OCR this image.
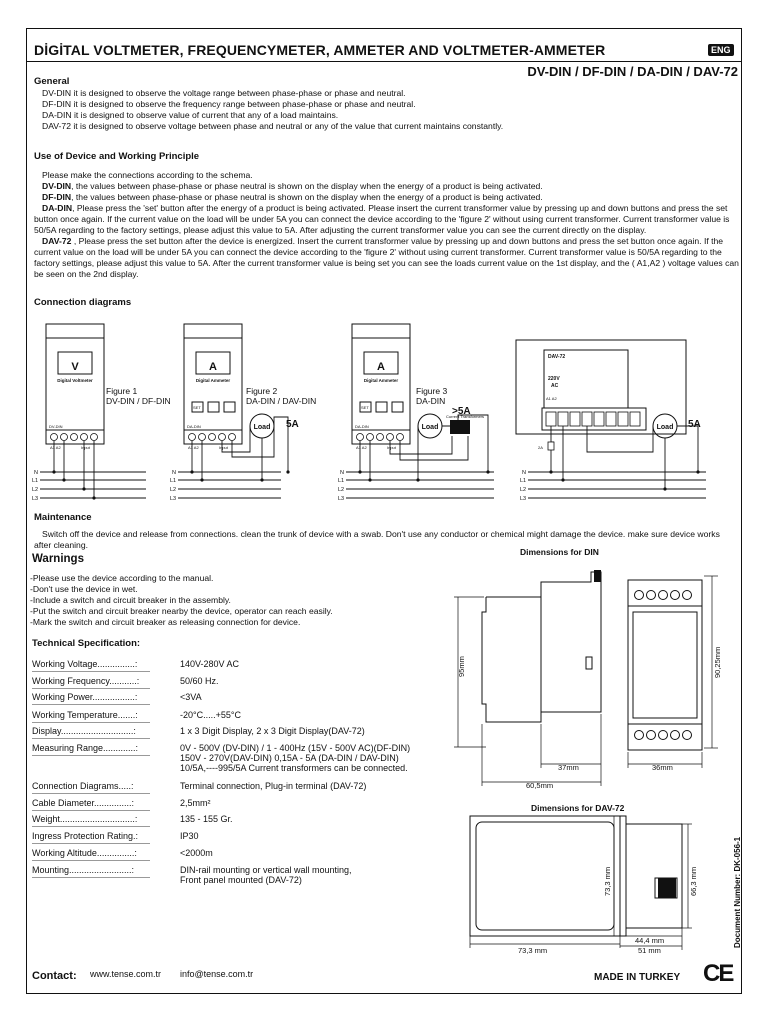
DİGİTAL VOLTMETER, FREQUENCYMETER, AMMETER AND VOLTMETER-AMMETER	ENG
DV-DIN / DF-DIN / DA-DIN / DAV-72
General
DV-DIN it is designed to observe the voltage range between phase-phase or phase and neutral.
DF-DIN it is designed to observe the frequency range between phase-phase or phase and neutral.
DA-DIN it is designed to observe value of current that any of a load maintains.
DAV-72 it is designed to observe voltage between phase and neutral or any of the value that current maintains constantly.
Use of Device and Working Principle
Please make the connections according to the schema.
DV-DIN, the values between phase-phase or phase neutral is shown on the display when the energy of a product is being activated.
DF-DIN, the values between phase-phase or phase neutral is shown on the display when the energy of a product is being activated.
DA-DIN, Please press the 'set' button after the energy of a product is being activated. Please insert the current transformer value by pressing up and down buttons and press the set button once again. If the current value on the load will be under 5A you can connect the device according to the 'figure 2' without using current transformer. Current transformer value is 50/5A regarding to the factory settings, please adjust this value to 5A. After adjusting the current transformer value you can see the current directly on the display.
DAV-72 , Please press the set button after the device is energized. Insert the current transformer value by pressing up and down buttons and press the set button once again. If the current value on the load will be under 5A you can connect the device according to the 'figure 2' without using current transformer. Current transformer value is 50/5A regarding to the factory settings, please adjust this value to 5A. After the current transformer value is being set you can see the loads current value on the 1st display, and the ( A1,A2 ) voltage values can be seen on the 2nd display.
Connection diagrams
V	A	A
Digital Voltmeter	Digital Ammeter	Digital Ammeter
DV-DIN	DA-DIN	DA-DIN
SET	SET
A1 A2	Input	A1 A2	Input	A1 A2	Input
Current Transformers
A1 A2
2A
DAV-72
220V
AC
Figure 1
DV-DIN / DF-DIN
Figure 2
DA-DIN / DAV-DIN
Figure 3
DA-DIN
Load	Load	Load
5A
>5A
5A
N
L1
L2
L3
N
L1
L2
L3
N
L1
L2
L3
N
L1
L2
L3
Maintenance
Switch off the device and release from connections. clean the trunk of device with a swab. Don't use any conductor or chemical might damage the device. make sure device works after cleaning.
Warnings
-Please use the device according to the manual.
-Don't use the device in wet.
-Include a switch and circuit breaker in the assembly.
-Put the switch and circuit breaker nearby the device, operator can reach easily.
-Mark the switch and circuit breaker as releasing connection for device.
Technical Specification:
Working Voltage...............:	140V-280V AC
Working Frequency...........:	50/60 Hz.
Working Power.................:	<3VA
Working Temperature.......:	-20°C.....+55°C
Display.............................:	1 x 3 Digit Display, 2 x 3 Digit Display(DAV-72)
Measuring Range.............:	0V - 500V (DV-DIN) / 1 - 400Hz (15V - 500V AC)(DF-DIN)
150V - 270V(DAV-DIN) 0,15A - 5A (DA-DIN / DAV-DIN)
10/5A,----995/5A Current transformers can be connected.
Connection Diagrams.....:	Terminal connection, Plug-in terminal (DAV-72)
Cable Diameter...............:	2,5mm²
Weight..............................:	135 - 155 Gr.
Ingress Protection Rating.:	IP30
Working Altitude...............:	<2000m
Mounting.........................:	DIN-rail mounting or vertical wall mounting,
Front panel mounted (DAV-72)
Dimensions for DIN
95mm	90,25mm
37mm
60,5mm
36mm
Dimensions for DAV-72
73,3 mm	66,3 mm
73,3 mm
44,4 mm
51 mm
Document Number: DK-056-1
Contact: www.tense.com.tr info@tense.com.tr	MADE IN TURKEY CE
